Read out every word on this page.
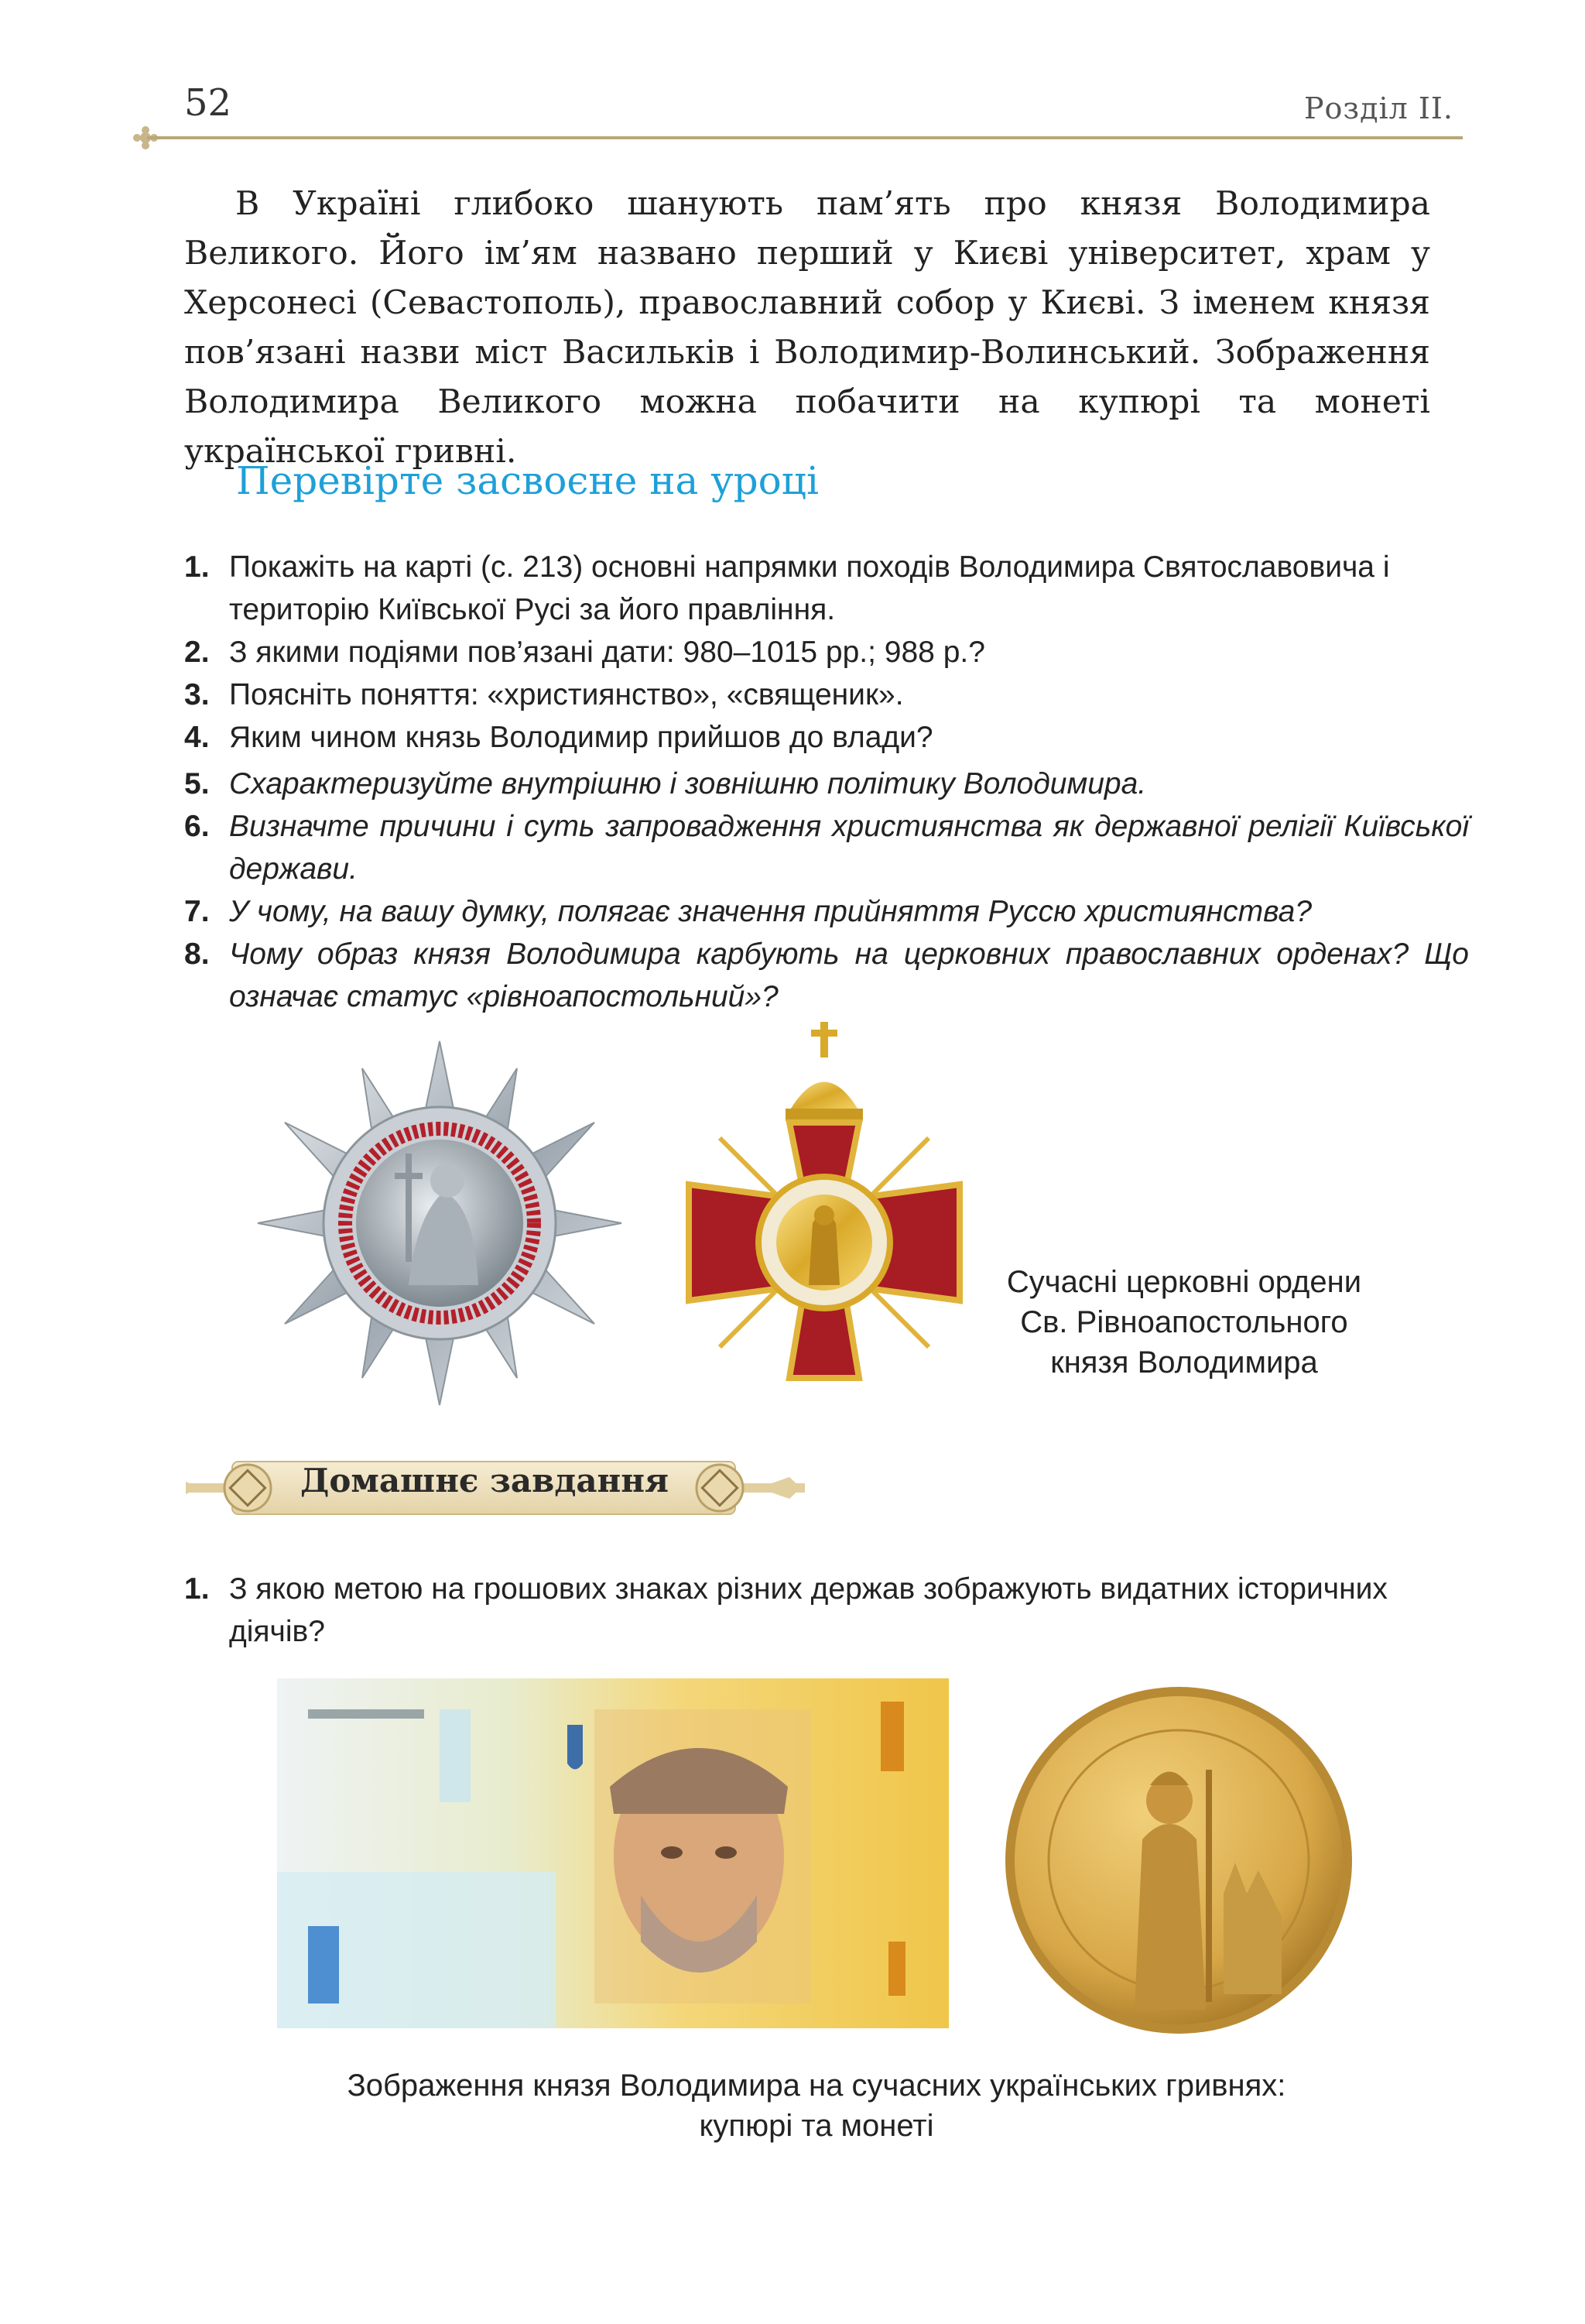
52	Розділ ІІ.
В Україні глибоко шанують пам’ять про князя Володимира Великого. Його ім’ям названо перший у Києві університет, храм у Херсонесі (Севастополь), православний собор у Києві. З іменем князя пов’язані назви міст Васильків і Володимир-Волинський. Зображення Володимира Великого можна побачити на купюрі та монеті української гривні.
Перевірте засвоєне на уроці
1. Покажіть на карті (с. 213) основні напрямки походів Володимира Святославовича і територію Київської Русі за його правління.
2. З якими подіями пов’язані дати: 980–1015 рр.; 988 р.?
3. Поясніть поняття: «християнство», «священик».
4. Яким чином князь Володимир прийшов до влади?
5. Схарактеризуйте внутрішню і зовнішню політику Володимира.
6. Визначте причини і суть запровадження християнства як державної релігії Київської держави.
7. У чому, на вашу думку, полягає значення прийняття Руссю християнства?
8. Чому образ князя Володимира карбують на церковних православних орденах? Що означає статус «рівноапостольний»?
Сучасні церковні ордени
Св. Рівноапостольного
князя Володимира
Домашнє завдання
1. З якою метою на грошових знаках різних держав зображують видатних історичних діячів?
Зображення князя Володимира на сучасних українських гривнях:
купюрі та монеті
